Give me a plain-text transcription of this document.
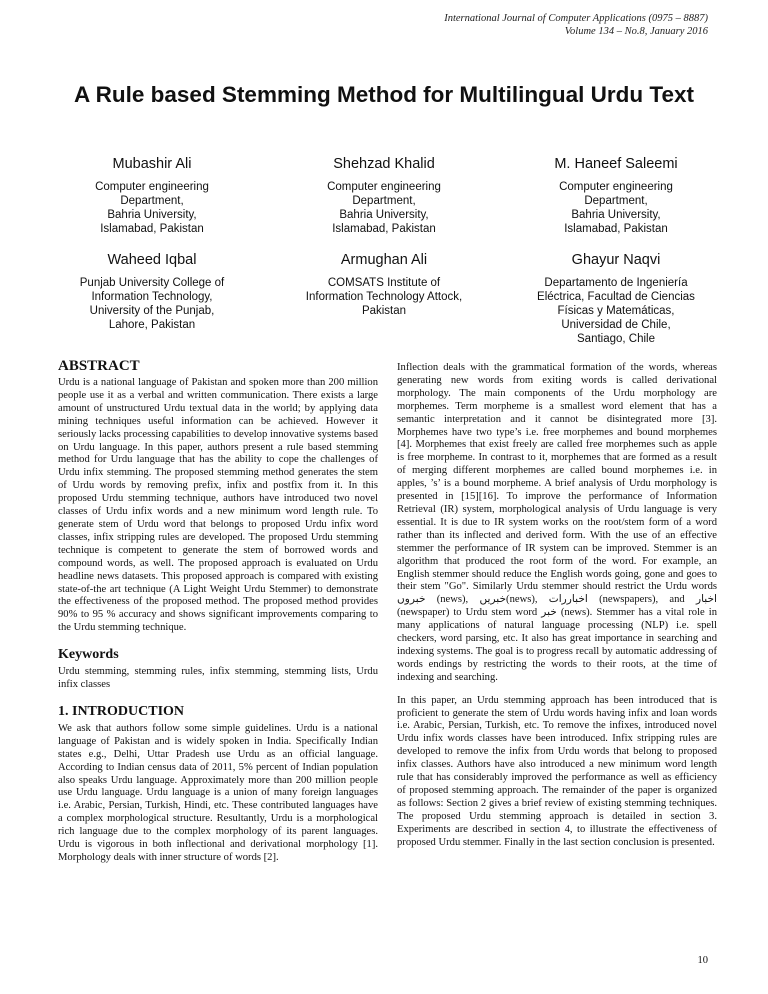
International Journal of Computer Applications (0975 – 8887)
Volume 134 – No.8, January 2016
A Rule based Stemming Method for Multilingual Urdu Text
Mubashir Ali
Computer engineering
Department,
Bahria University,
Islamabad, Pakistan
Shehzad Khalid
Computer engineering
Department,
Bahria University,
Islamabad, Pakistan
M. Haneef Saleemi
Computer engineering
Department,
Bahria University,
Islamabad, Pakistan
Waheed Iqbal
Punjab University College of
Information Technology,
University of the Punjab,
Lahore, Pakistan
Armughan Ali
COMSATS Institute of
Information Technology Attock,
Pakistan
Ghayur Naqvi
Departamento de Ingeniería
Eléctrica, Facultad de Ciencias
Físicas y Matemáticas,
Universidad de Chile,
Santiago, Chile
ABSTRACT

Urdu is a national language of Pakistan and spoken more than 200 million people use it as a verbal and written communication. There exists a large amount of unstructured Urdu textual data in the world; by applying data mining techniques useful information can be achieved. However it seriously lacks processing capabilities to develop innovative systems based on Urdu language. In this paper, authors present a rule based stemming method for Urdu language that has the ability to cope the challenges of Urdu infix stemming. The proposed stemming method generates the stem of Urdu words by removing prefix, infix and postfix from it. In this proposed Urdu stemming technique, authors have introduced two novel classes of Urdu infix words and a new minimum word length rule. To generate stem of Urdu word that belongs to proposed Urdu infix word classes, infix stripping rules are developed. The proposed Urdu stemming technique is competent to generate the stem of borrowed words and compound words, as well. The proposed approach is evaluated on Urdu headline news datasets. This proposed approach is compared with existing state-of-the art technique (A Light Weight Urdu Stemmer) to demonstrate the effectiveness of the proposed method. The proposed method provides 90% to 95 % accuracy and shows significant improvements comparing to the Urdu stemming technique.

Keywords

Urdu stemming, stemming rules, infix stemming, stemming lists, Urdu infix classes

1. INTRODUCTION

We ask that authors follow some simple guidelines. Urdu is a national language of Pakistan and is widely spoken in India. Specifically Indian states e.g., Delhi, Uttar Pradesh use Urdu as an official language. According to Indian census data of 2011, 5% percent of Indian population also speaks Urdu language. Approximately more than 200 million people use Urdu language. Urdu language is a union of many foreign languages i.e. Arabic, Persian, Turkish, Hindi, etc. These contributed languages have a complex morphological structure. Resultantly, Urdu is a morphological rich language due to the complex morphology of its parent languages. Urdu is vigorous in both inflectional and derivational morphology [1]. Morphology deals with inner structure of words [2].

Inflection deals with the grammatical formation of the words, whereas generating new words from exiting words is called derivational morphology. The main components of the Urdu morphology are morphemes. Term morpheme is a smallest word element that has a semantic interpretation and it cannot be disintegrated more [3]. Morphemes have two type’s i.e. free morphemes and bound morphemes [4]. Morphemes that exist freely are called free morphemes such as apple is free morpheme. In contrast to it, morphemes that are formed as a result of merging different morphemes are called bound morphemes i.e. in apples, ’s’ is a bound morpheme. A brief analysis of Urdu morphology is presented in [15][16]. To improve the performance of Information Retrieval (IR) system, morphological analysis of Urdu language is very essential. It is due to IR system works on the root/stem form of a word rather than its inflected and derived form. With the use of an effective stemmer the performance of IR system can be improved. Stemmer is an algorithm that produced the root form of the word. For example, an English stemmer should reduce the English words going, gone and goes to their stem "Go". Similarly Urdu stemmer should restrict the Urdu words خبروں (news), خبریں(news), اخباررات (newspapers), and اخبار (newspaper) to Urdu stem word خبر (news). Stemmer has a vital role in many applications of natural language processing (NLP) i.e. spell checkers, word parsing, etc. It also has great importance in searching and indexing systems. The goal is to progress recall by automatic addressing of words endings by restricting the words to their roots, at the time of indexing and searching.

In this paper, an Urdu stemming approach has been introduced that is proficient to generate the stem of Urdu words having infix and loan words i.e. Arabic, Persian, Turkish, etc. To remove the infixes, introduced novel Urdu infix words classes have been introduced. Infix stripping rules are developed to remove the infix from Urdu words that belong to proposed infix classes. Authors have also introduced a new minimum word length rule that has considerably improved the performance as well as efficiency of proposed stemming approach. The remainder of the paper is organized as follows: Section 2 gives a brief review of existing stemming techniques. The proposed Urdu stemming approach is detailed in section 3. Experiments are described in section 4, to illustrate the effectiveness of proposed Urdu stemmer. Finally in the last section conclusion is presented.

10
